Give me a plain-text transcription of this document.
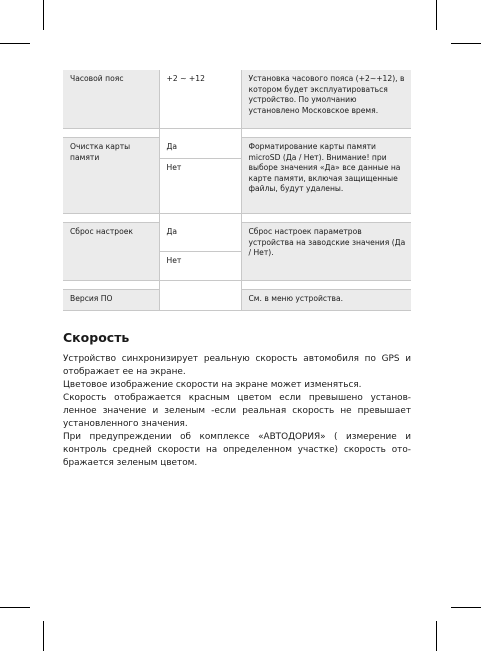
Часовой пояс	+2 ~ +12	Установка часового пояса (+2~+12), в котором будет эксплуатироваться устройство. По умолчанию установлено Московское время.

Очистка карты памяти	Да	Форматирование карты памяти microSD (Да / Нет). Внимание! при выборе значения «Да» все данные на карте памяти, включая защищенные файлы, будут удалены.
	Нет	

Сброс настроек	Да	Сброс настроек параметров устройства на заводские значения (Да / Нет).
	Нет	

Версия ПО		См. в меню устройства.
Скорость

Устройство синхронизирует реальную скорость автомобиля по GPS и отображает ее на экране.

Цветовое изображение скорости на экране может изменяться.

Скорость отображается красным цветом если превышено установ-ленное значение и зеленым -если реальная скорость не превышает установленного значения.

При предупреждении об комплексе «АВТОДОРИЯ» ( измерение и контроль средней скорости на определенном участке) скорость ото-бражается зеленым цветом.
